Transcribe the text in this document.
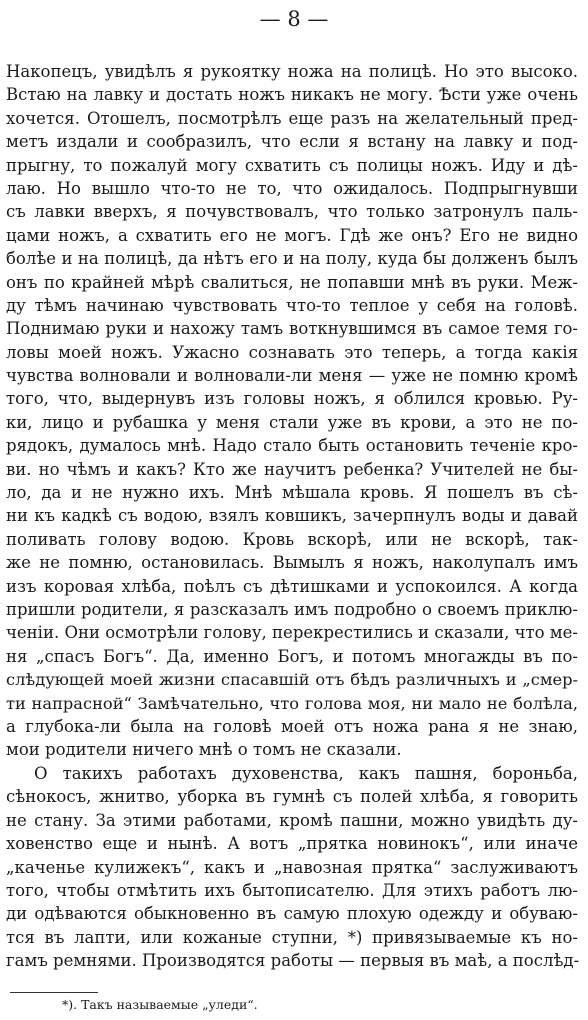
— 8 —
Накопецъ, увидѣлъ я рукоятку ножа на полицѣ. Но это высоко.
Встаю на лавку и достать ножъ никакъ не могу. Ѣсти уже очень
хочется. Отошелъ, посмотрѣлъ еще разъ на желательный пред-
метъ издали и сообразилъ, что если я встану на лавку и под-
прыгну, то пожалуй могу схватить съ полицы ножъ. Иду и дѣ-
лаю. Но вышло что-то не то, что ожидалось. Подпрыгнувши
съ лавки вверхъ, я почувствовалъ, что только затронулъ паль-
цами ножъ, а схватить его не могъ. Гдѣ же онъ? Его не видно
болѣе и на полицѣ, да нѣтъ его и на полу, куда бы долженъ былъ
онъ по крайней мѣрѣ свалиться, не попавши мнѣ въ руки. Меж-
ду тѣмъ начинаю чувствовать что-то теплое у себя на головѣ.
Поднимаю руки и нахожу тамъ воткнувшимся въ самое темя го-
ловы моей ножъ. Ужасно сознавать это теперь, а тогда какія
чувства волновали и волновали-ли меня — уже не помню кромѣ
того, что, выдернувъ изъ головы ножъ, я облился кровью. Ру-
ки, лицо и рубашка у меня стали уже въ крови, а это не по-
рядокъ, думалось мнѣ. Надо стало быть остановить теченіе кро-
ви. но чѣмъ и какъ? Кто же научитъ ребенка? Учителей не бы-
ло, да и не нужно ихъ. Мнѣ мѣшала кровь. Я пошелъ въ сѣ-
ни къ кадкѣ съ водою, взялъ ковшикъ, зачерпнулъ воды и давай
поливать голову водою. Кровь вскорѣ, или не вскорѣ, так-
же не помню, остановилась. Вымылъ я ножъ, наколупалъ имъ
изъ коровая хлѣба, поѣлъ съ дѣтишками и успокоился. А когда
пришли родители, я разсказалъ имъ подробно о своемъ приклю-
ченіи. Они осмотрѣли голову, перекрестились и сказали, что ме-
ня „спасъ Богъ“. Да, именно Богъ, и потомъ многажды въ по-
слѣдующей моей жизни спасавшій отъ бѣдъ различныхъ и „смер-
ти напрасной“ Замѣчательно, что голова моя, ни мало не болѣла,
а глубока-ли была на головѣ моей отъ ножа рана я не знаю,
мои родители ничего мнѣ о томъ не сказали.
О такихъ работахъ духовенства, какъ пашня, бороньба,
сѣнокосъ, жнитво, уборка въ гумнѣ съ полей хлѣба, я говорить
не стану. За этими работами, кромѣ пашни, можно увидѣть ду-
ховенство еще и нынѣ. А вотъ „прятка новинокъ“, или иначе
„каченье кулижекъ“, какъ и „навозная прятка“ заслуживаютъ
того, чтобы отмѣтить ихъ бытописателю. Для этихъ работъ лю-
ди одѣваются обыкновенно въ самую плохую одежду и обуваю-
тся въ лапти, или кожаные ступни, *) привязываемые къ но-
гамъ ремнями. Производятся работы — первыя въ маѣ, а послѣд-
*). Такъ называемые „уледи“.
